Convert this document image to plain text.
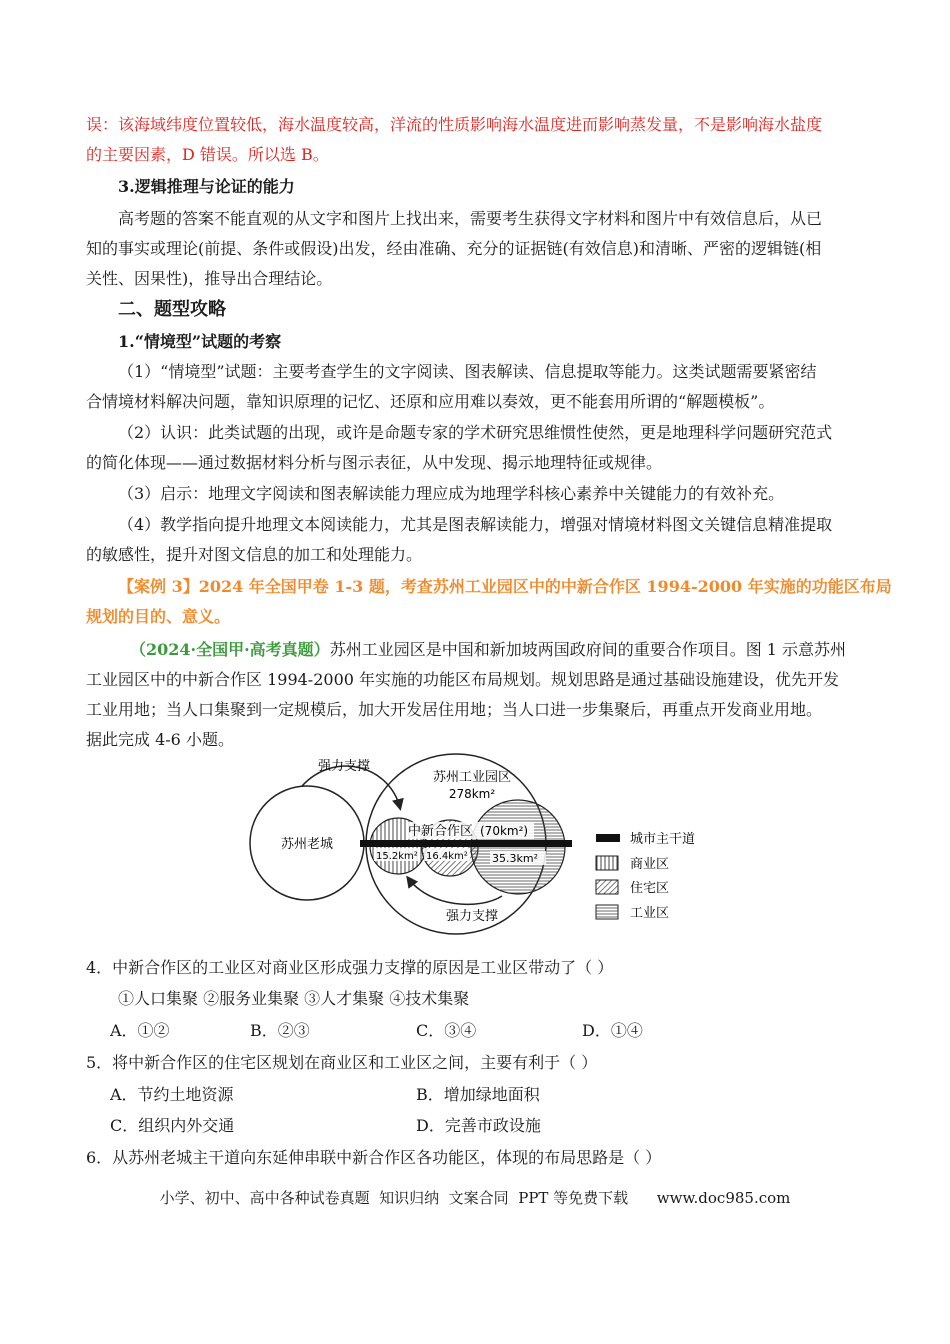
误：该海域纬度位置较低，海水温度较高，洋流的性质影响海水温度进而影响蒸发量，不是影响海水盐度
的主要因素，D 错误。所以选 B。
3.逻辑推理与论证的能力
高考题的答案不能直观的从文字和图片上找出来，需要考生获得文字材料和图片中有效信息后，从已
知的事实或理论(前提、条件或假设)出发，经由准确、充分的证据链(有效信息)和清晰、严密的逻辑链(相
关性、因果性)，推导出合理结论。
二、题型攻略
1.“情境型”试题的考察
（1）“情境型”试题：主要考查学生的文字阅读、图表解读、信息提取等能力。这类试题需要紧密结
合情境材料解决问题，靠知识原理的记忆、还原和应用难以奏效，更不能套用所谓的“解题模板”。
（2）认识：此类试题的出现，或许是命题专家的学术研究思维惯性使然，更是地理科学问题研究范式
的简化体现——通过数据材料分析与图示表征，从中发现、揭示地理特征或规律。
（3）启示：地理文字阅读和图表解读能力理应成为地理学科核心素养中关键能力的有效补充。
（4）教学指向提升地理文本阅读能力，尤其是图表解读能力，增强对情境材料图文关键信息精准提取
的敏感性，提升对图文信息的加工和处理能力。
【案例 3】2024 年全国甲卷 1-3 题，考查苏州工业园区中的中新合作区 1994-2000 年实施的功能区布局
规划的目的、意义。
（2024·全国甲·高考真题）苏州工业园区是中国和新加坡两国政府间的重要合作项目。图 1 示意苏州
工业园区中的中新合作区 1994-2000 年实施的功能区布局规划。规划思路是通过基础设施建设，优先开发
工业用地；当人口集聚到一定规模后，加大开发居住用地；当人口进一步集聚后，再重点开发商业用地。
据此完成 4-6 小题。
苏州老城
苏州工业园区
278km²
中新合作区 (70km²)
15.2km² 16.4km² 35.3km²
强力支撑
强力支撑
城市主干道
商业区
住宅区
工业区
4．中新合作区的工业区对商业区形成强力支撑的原因是工业区带动了（ ）
①人口集聚 ②服务业集聚 ③人才集聚 ④技术集聚
A．①②	B．②③	C．③④	D．①④
5．将中新合作区的住宅区规划在商业区和工业区之间，主要有利于（ ）
A．节约土地资源	B．增加绿地面积
C．组织内外交通	D．完善市政设施
6．从苏州老城主干道向东延伸串联中新合作区各功能区，体现的布局思路是（ ）
小学、初中、高中各种试卷真题  知识归纳  文案合同  PPT 等免费下载      www.doc985.com
